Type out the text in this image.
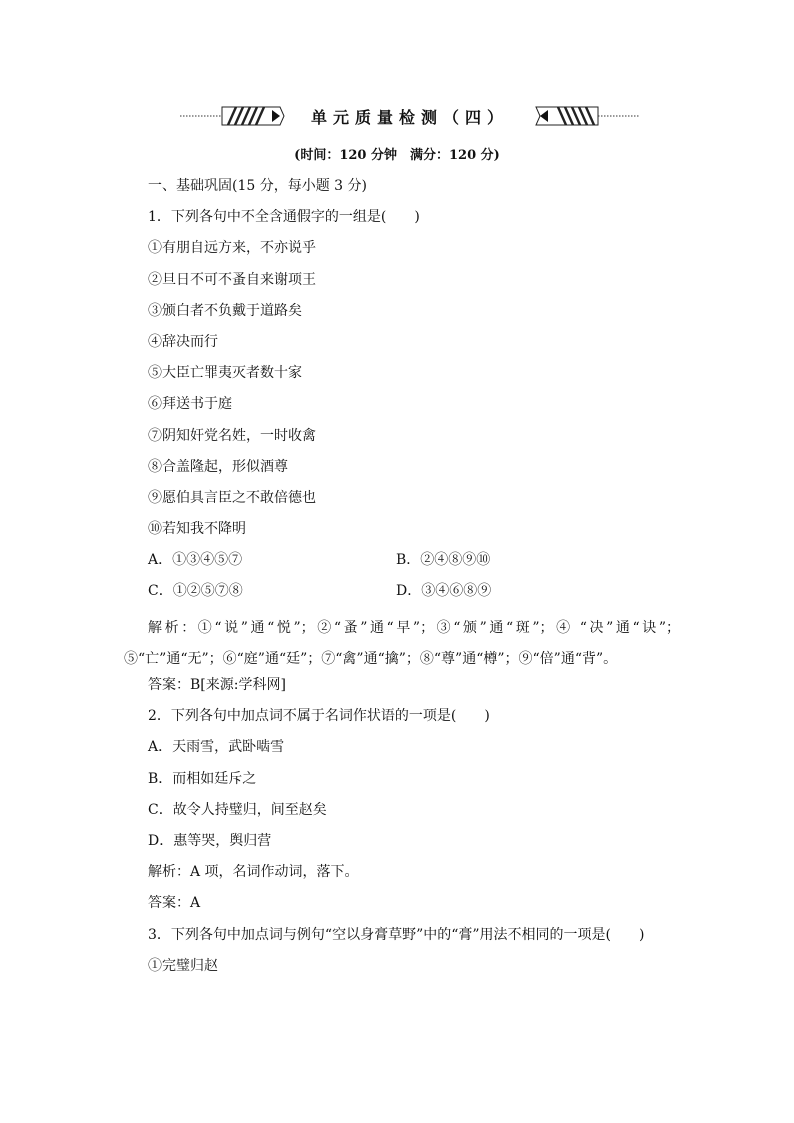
单元质量检测（四）
(时间：120 分钟　满分：120 分)
一、基础巩固(15 分，每小题 3 分)
1．下列各句中不全含通假字的一组是(　　)
①有朋自远方来，不亦说乎
②旦日不可不蚤自来谢项王
③颁白者不负戴于道路矣
④辞决而行
⑤大臣亡罪夷灭者数十家
⑥拜送书于庭
⑦阴知奸党名姓，一时收禽
⑧合盖隆起，形似酒尊
⑨愿伯具言臣之不敢倍德也
⑩若知我不降明
A．①③④⑤⑦	B．②④⑧⑨⑩
C．①②⑤⑦⑧	D．③④⑥⑧⑨

解析：①“说”通“悦”；②“蚤”通“早”；③“颁”通“斑”；④ “决”通“诀”；⑤“亡”通“无”；⑥“庭”通“廷”；⑦“禽”通“擒”；⑧“尊”通“樽”；⑨“倍”通“背”。

答案：B[来源:学科网]
2．下列各句中加点词不属于名词作状语的一项是(　　)
A．天雨雪，武卧啮雪
B．而相如廷斥之
C．故令人持璧归，间至赵矣
D．惠等哭，舆归营
解析：A 项，名词作动词，落下。
答案：A
3．下列各句中加点词与例句“空以身膏草野”中的“膏”用法不相同的一项是(　　)
①完璧归赵
